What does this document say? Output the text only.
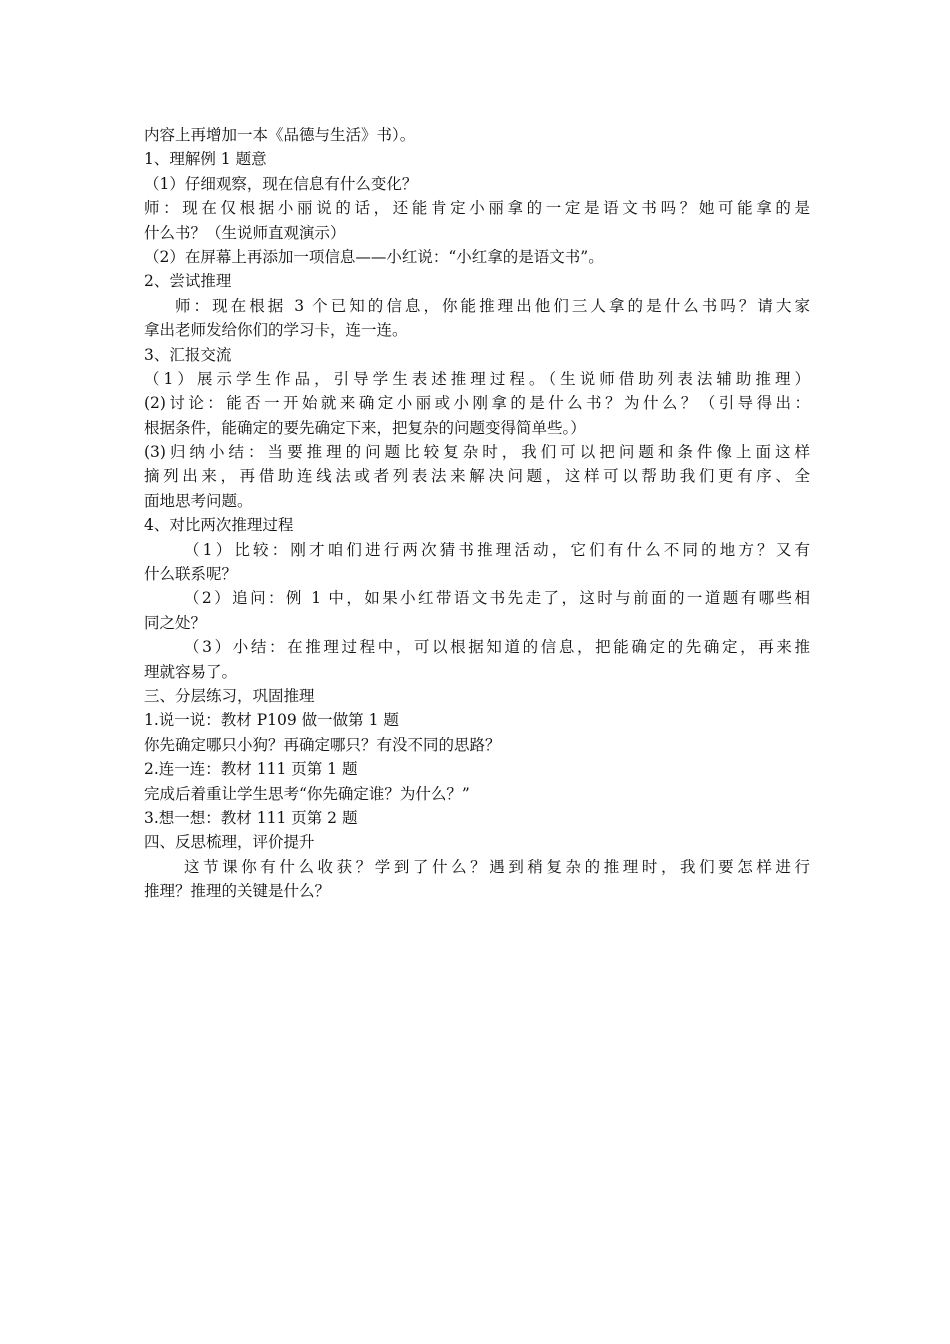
内容上再增加一本《品德与生活》书）。
1、理解例 1 题意
（1）仔细观察，现在信息有什么变化？
师：现在仅根据小丽说的话，还能肯定小丽拿的一定是语文书吗？她可能拿的是
什么书？（生说师直观演示）
（2）在屏幕上再添加一项信息——小红说：“小红拿的是语文书”。
2、尝试推理
师：现在根据 3 个已知的信息，你能推理出他们三人拿的是什么书吗？请大家
拿出老师发给你们的学习卡，连一连。
3、汇报交流
（1）展示学生作品，引导学生表述推理过程。（生说师借助列表法辅助推理）
(2)讨论：能否一开始就来确定小丽或小刚拿的是什么书？为什么？（引导得出：
根据条件，能确定的要先确定下来，把复杂的问题变得简单些。）
(3)归纳小结：当要推理的问题比较复杂时，我们可以把问题和条件像上面这样
摘列出来，再借助连线法或者列表法来解决问题，这样可以帮助我们更有序、全
面地思考问题。
4、对比两次推理过程
（1）比较：刚才咱们进行两次猜书推理活动，它们有什么不同的地方？又有
什么联系呢？
（2）追问：例 1 中，如果小红带语文书先走了，这时与前面的一道题有哪些相
同之处？
（3）小结：在推理过程中，可以根据知道的信息，把能确定的先确定，再来推
理就容易了。
三、分层练习，巩固推理
1.说一说：教材 P109 做一做第 1 题
你先确定哪只小狗？再确定哪只？有没不同的思路？
2.连一连：教材 111 页第 1 题
完成后着重让学生思考“你先确定谁？为什么？”
3.想一想：教材 111 页第 2 题
四、反思梳理，评价提升
这节课你有什么收获？学到了什么？遇到稍复杂的推理时，我们要怎样进行
推理？推理的关键是什么？
